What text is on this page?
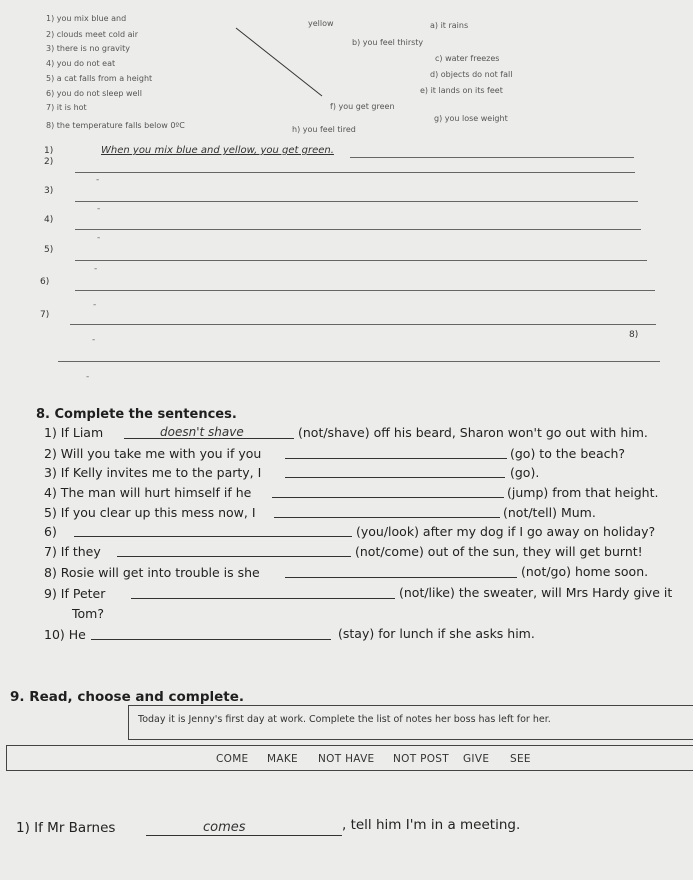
1) you mix blue and
yellow
2) clouds meet cold air
3) there is no gravity
4) you do not eat
5) a cat falls from a height
6) you do not sleep well
7) it is hot
8) the temperature falls below 0ºC
a) it rains
b) you feel thirsty
c) water freezes
d) objects do not fall
e) it lands on its feet
f) you get green
g) you lose weight
h) you feel tired
1)	When you mix blue and yellow, you get green.
2)
-
3)
-
4)
-
5)
-
6)
-
7)
-	8)
-
8. Complete the sentences.
1) If Liam	doesn't shave	(not/shave) off his beard, Sharon won't go out with him.
2) Will you take me with you if you	(go) to the beach?
3) If Kelly invites me to the party, I	(go).
4) The man will hurt himself if he	(jump) from that height.
5) If you clear up this mess now, I	(not/tell) Mum.
6)	(you/look) after my dog if I go away on holiday?
7) If they	(not/come) out of the sun, they will get burnt!
8) Rosie will get into trouble is she	(not/go) home soon.
9) If Peter	(not/like) the sweater, will Mrs Hardy give it
Tom?
10) He	(stay) for lunch if she asks him.
9. Read, choose and complete.
Today it is Jenny's first day at work. Complete the list of notes her boss has left for her.
COME MAKE NOT HAVE NOT POST GIVE SEE
1) If Mr Barnes	comes	, tell him I'm in a meeting.
